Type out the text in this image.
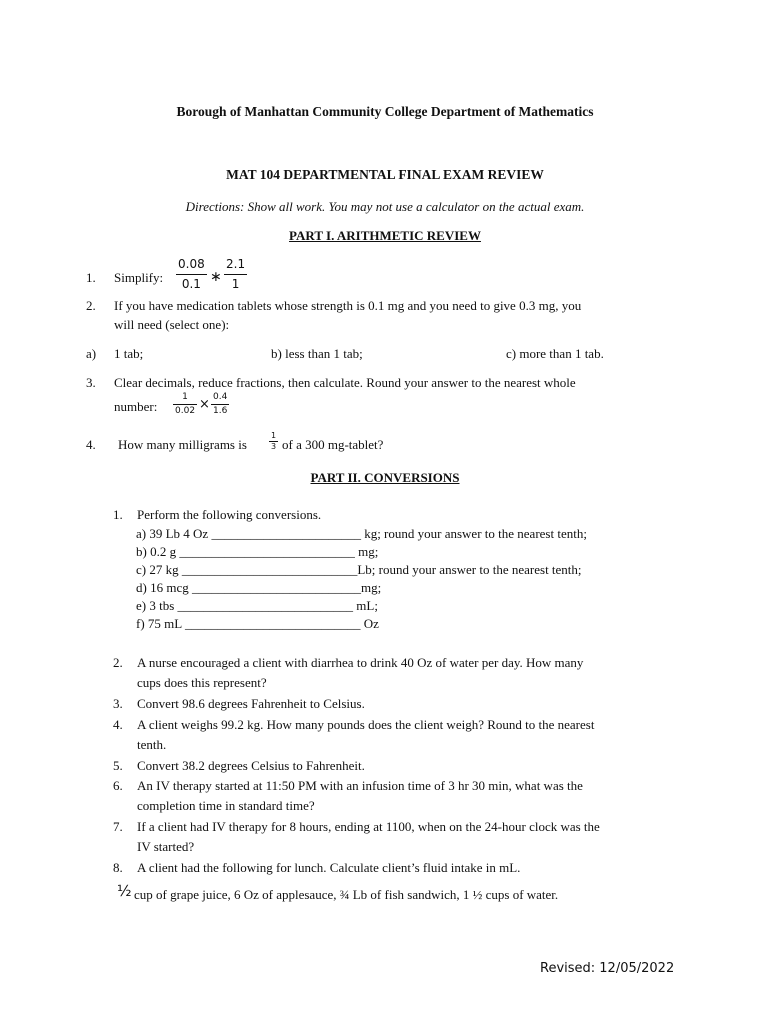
Borough of Manhattan Community College Department of Mathematics
MAT 104 DEPARTMENTAL FINAL EXAM REVIEW
Directions: Show all work. You may not use a calculator on the actual exam.
PART I. ARITHMETIC REVIEW
1. Simplify:
0.08
0.1 ∗
2.1
1
2. If you have medication tablets whose strength is 0.1 mg and you need to give 0.3 mg, you
will need (select one):
a) 1 tab;	b) less than 1 tab;	c) more than 1 tab.
3. Clear decimals, reduce fractions, then calculate. Round your answer to the nearest whole
number:
1
0.02 × 0.4
1.6
4. How many milligrams is
1
3 of a 300 mg-tablet?
PART II. CONVERSIONS
1. Perform the following conversions.
a) 39 Lb 4 Oz _______________________ kg; round your answer to the nearest tenth;
b) 0.2 g ___________________________ mg;
c) 27 kg ___________________________Lb; round your answer to the nearest tenth;
d) 16 mcg __________________________mg;
e) 3 tbs ___________________________ mL;
f) 75 mL ___________________________ Oz
2. A nurse encouraged a client with diarrhea to drink 40 Oz of water per day. How many
cups does this represent?
3. Convert 98.6 degrees Fahrenheit to Celsius.
4. A client weighs 99.2 kg. How many pounds does the client weigh? Round to the nearest
tenth.
5. Convert 38.2 degrees Celsius to Fahrenheit.
6. An IV therapy started at 11:50 PM with an infusion time of 3 hr 30 min, what was the
completion time in standard time?
7. If a client had IV therapy for 8 hours, ending at 1100, when on the 24-hour clock was the
IV started?
8. A client had the following for lunch. Calculate client’s fluid intake in mL.
½ cup of grape juice, 6 Oz of applesauce, ¾ Lb of fish sandwich, 1 ½ cups of water.
Revised: 12/05/2022
